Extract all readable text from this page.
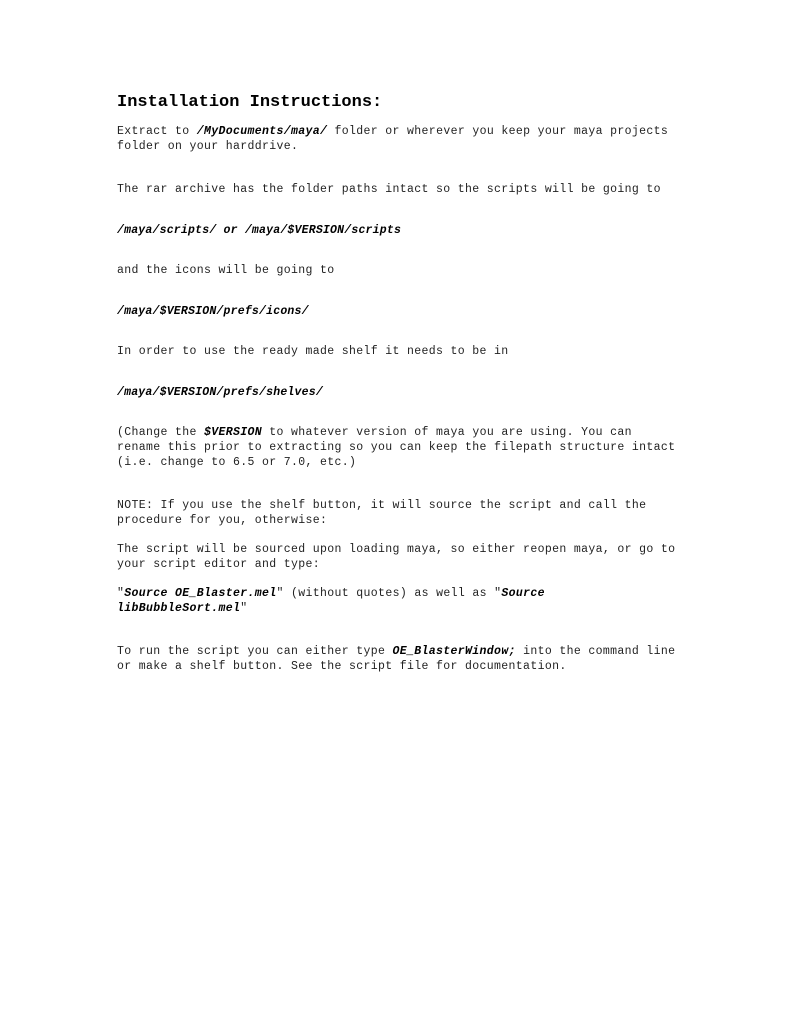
Installation Instructions:

Extract to /MyDocuments/maya/ folder or wherever you keep your maya projects folder on your harddrive.

The rar archive has the folder paths intact so the scripts will be going to

/maya/scripts/ or /maya/$VERSION/scripts

and the icons will be going to

/maya/$VERSION/prefs/icons/

In order to use the ready made shelf it needs to be in

/maya/$VERSION/prefs/shelves/

(Change the $VERSION to whatever version of maya you are using. You can rename this prior to extracting so you can keep the filepath structure intact (i.e. change to 6.5 or 7.0, etc.)

NOTE: If you use the shelf button, it will source the script and call the procedure for you, otherwise:

The script will be sourced upon loading maya, so either reopen maya, or go to your script editor and type:

"Source OE_Blaster.mel" (without quotes) as well as "Source libBubbleSort.mel"

To run the script you can either type OE_BlasterWindow; into the command line or make a shelf button. See the script file for documentation.
